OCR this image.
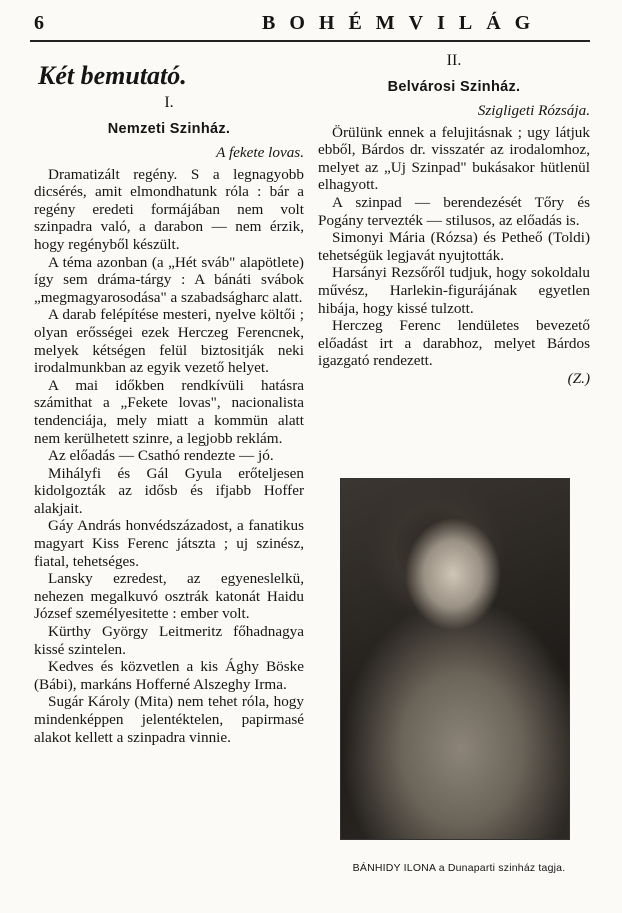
6	BOHÉMVILÁG
Két bemutató.
I.
Nemzeti Szinház.
A fekete lovas.

Dramatizált regény. S a legnagyobb dicsérés, amit elmondhatunk róla : bár a regény eredeti formájában nem volt szinpadra való, a darabon — nem érzik, hogy regényből készült.

A téma azonban (a „Hét sváb" alapötlete) így sem dráma-tárgy : A bánáti svábok „megmagyarosodása" a szabadságharc alatt.

A darab felépítése mesteri, nyelve költői ; olyan erősségei ezek Herczeg Ferencnek, melyek kétségen felül biztositják neki irodalmunkban az egyik vezető helyet.

A mai időkben rendkívüli hatásra számithat a „Fekete lovas", nacionalista tendenciája, mely miatt a kommün alatt nem kerülhetett szinre, a legjobb reklám.

Az előadás — Csathó rendezte — jó.

Mihályfi és Gál Gyula erőteljesen kidolgozták az idősb és ifjabb Hoffer alakjait.

Gáy András honvédszázadost, a fanatikus magyart Kiss Ferenc játszta ; uj szinész, fiatal, tehetséges.

Lansky ezredest, az egyeneslelkü, nehezen megalkuvó osztrák katonát Haidu József személyesitette : ember volt.

Kürthy György Leitmeritz főhadnagya kissé szintelen.

Kedves és közvetlen a kis Ághy Böske (Bábi), markáns Hofferné Alszeghy Irma.

Sugár Károly (Mita) nem tehet róla, hogy mindenképpen jelentéktelen, papirmasé alakot kellett a szinpadra vinnie.

II.
Belvárosi Szinház.
Szigligeti Rózsája.

Örülünk ennek a felujitásnak ; ugy látjuk ebből, Bárdos dr. visszatér az irodalomhoz, melyet az „Uj Szinpad" bukásakor hütlenül elhagyott.

A szinpad — berendezését Tőry és Pogány tervezték — stilusos, az előadás is.

Simonyi Mária (Rózsa) és Petheő (Toldi) tehetségük legjavát nyujtották.

Harsányi Rezsőről tudjuk, hogy sokoldalu művész, Harlekin-figurájának egyetlen hibája, hogy kissé tulzott.

Herczeg Ferenc lendületes bevezető előadást irt a darabhoz, melyet Bárdos igazgató rendezett.

(Z.)
BÁNHIDY ILONA a Dunaparti szinház tagja.
